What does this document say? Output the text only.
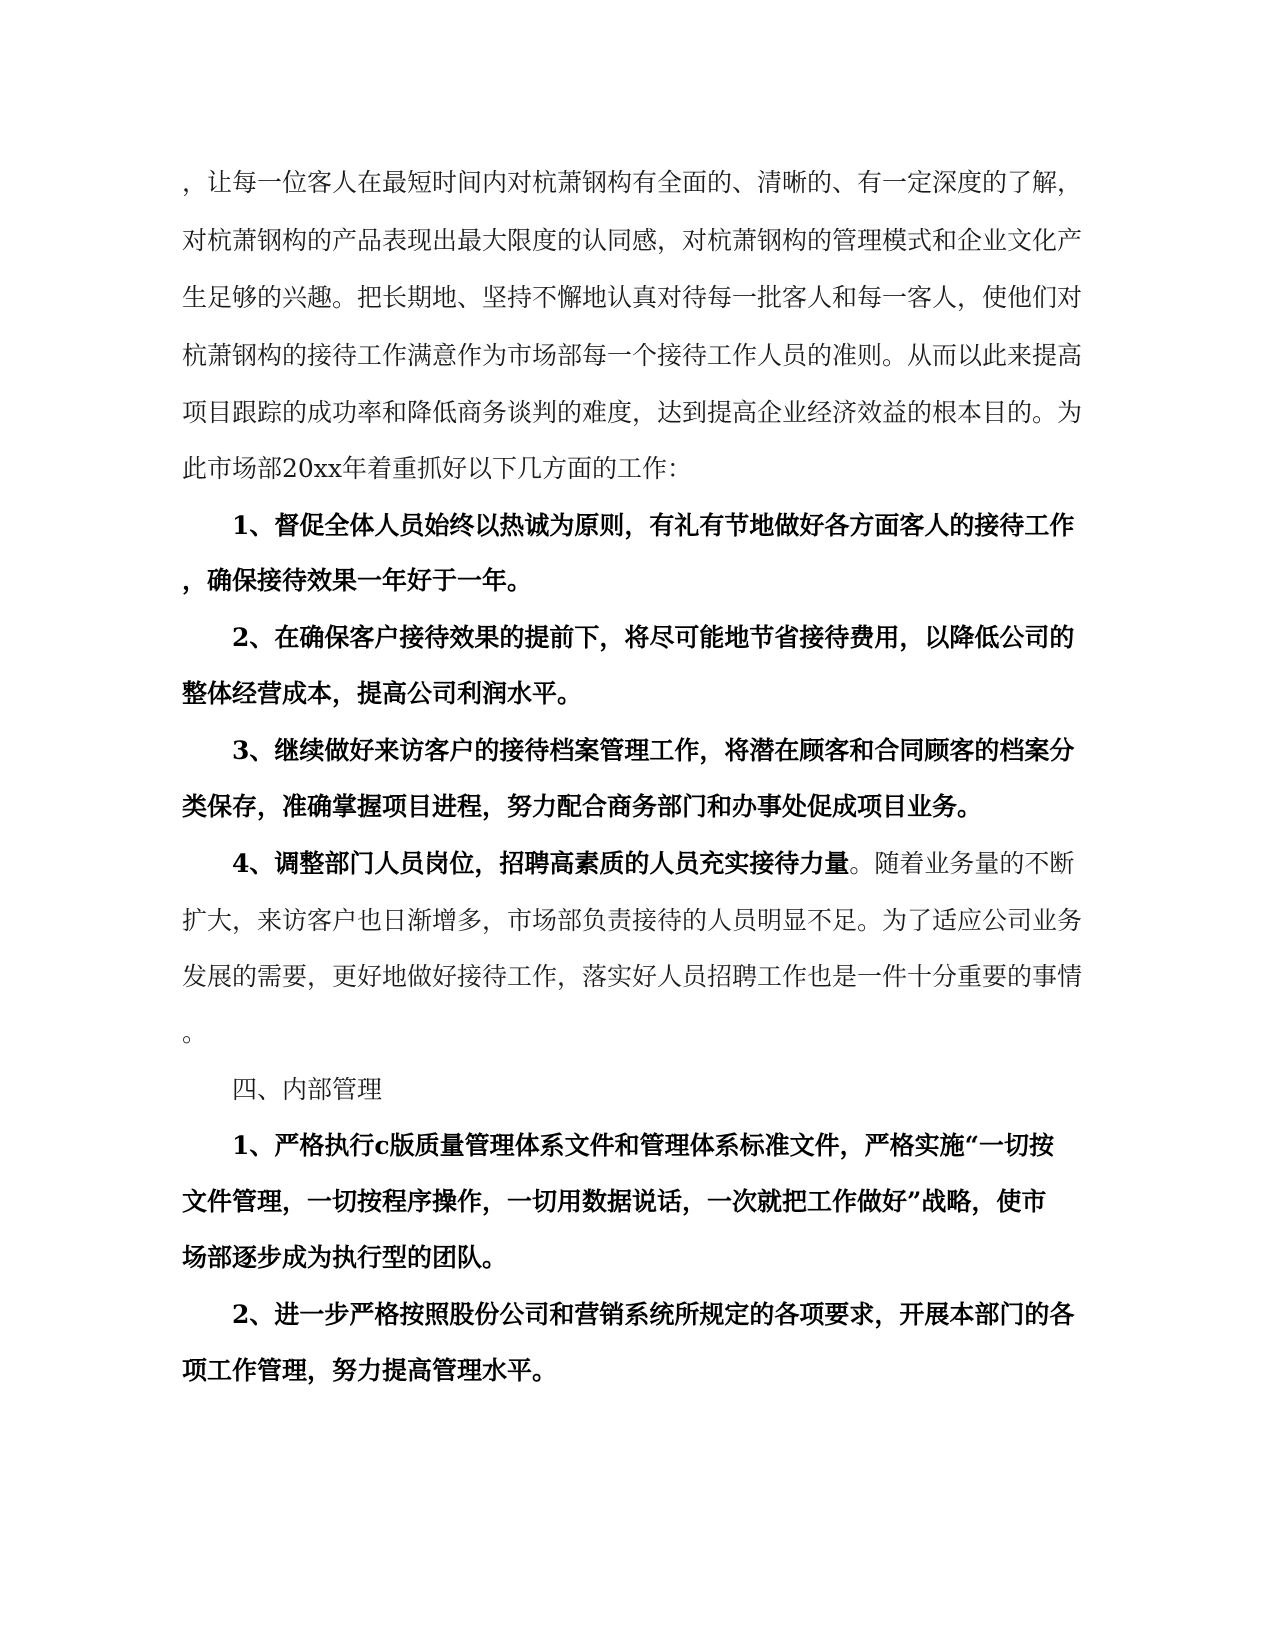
，让每一位客人在最短时间内对杭萧钢构有全面的、清晰的、有一定深度的了解，
对杭萧钢构的产品表现出最大限度的认同感，对杭萧钢构的管理模式和企业文化产
生足够的兴趣。把长期地、坚持不懈地认真对待每一批客人和每一客人，使他们对
杭萧钢构的接待工作满意作为市场部每一个接待工作人员的准则。从而以此来提高
项目跟踪的成功率和降低商务谈判的难度，达到提高企业经济效益的根本目的。为
此市场部20xx年着重抓好以下几方面的工作：
1、督促全体人员始终以热诚为原则，有礼有节地做好各方面客人的接待工作
，确保接待效果一年好于一年。
2、在确保客户接待效果的提前下，将尽可能地节省接待费用，以降低公司的
整体经营成本，提高公司利润水平。
3、继续做好来访客户的接待档案管理工作，将潜在顾客和合同顾客的档案分
类保存，准确掌握项目进程，努力配合商务部门和办事处促成项目业务。
4、调整部门人员岗位，招聘高素质的人员充实接待力量。随着业务量的不断
扩大，来访客户也日渐增多，市场部负责接待的人员明显不足。为了适应公司业务
发展的需要，更好地做好接待工作，落实好人员招聘工作也是一件十分重要的事情
。
四、内部管理
1、严格执行c版质量管理体系文件和管理体系标准文件，严格实施“一切按
文件管理，一切按程序操作，一切用数据说话，一次就把工作做好”战略，使市
场部逐步成为执行型的团队。
2、进一步严格按照股份公司和营销系统所规定的各项要求，开展本部门的各
项工作管理，努力提高管理水平。
